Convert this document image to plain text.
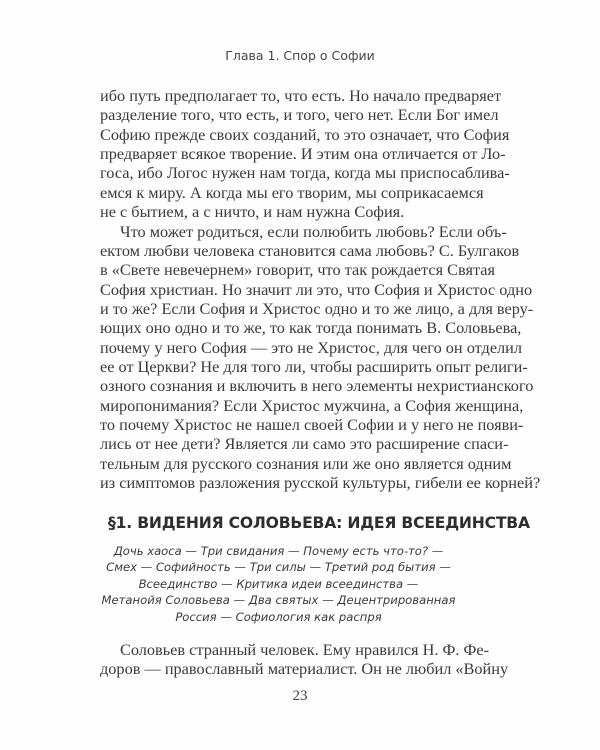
Глава 1. Спор о Софии
ибо путь предполагает то, что есть. Но начало предваряет
разделение того, что есть, и того, чего нет. Если Бог имел
Софию прежде своих созданий, то это означает, что София
предваряет всякое творение. И этим она отличается от Ло-
госа, ибо Логос нужен нам тогда, когда мы приспосаблива-
емся к миру. А когда мы его творим, мы соприкасаемся
не с бытием, а с ничто, и нам нужна София.
Что может родиться, если полюбить любовь? Если объ-
ектом любви человека становится сама любовь? С. Булгаков
в «Свете невечернем» говорит, что так рождается Святая
София христиан. Но значит ли это, что София и Христос одно
и то же? Если София и Христос одно и то же лицо, а для веру-
ющих оно одно и то же, то как тогда понимать В. Соловьева,
почему у него София — это не Христос, для чего он отделил
ее от Церкви? Не для того ли, чтобы расширить опыт религи-
озного сознания и включить в него элементы нехристианского
миропонимания? Если Христос мужчина, а София женщина,
то почему Христос не нашел своей Софии и у него не появи-
лись от нее дети? Является ли само это расширение спаси-
тельным для русского сознания или же оно является одним
из симптомов разложения русской культуры, гибели ее корней?
§1. ВИДЕНИЯ СОЛОВЬЕВА: ИДЕЯ ВСЕЕДИНСТВА
Дочь хаоса — Три свидания — Почему есть что-то? —
Смех — Софийность — Три силы — Третий род бытия —
Всеединство — Критика идеи всеединства —
Метанойя Соловьева — Два святых — Децентрированная
Россия — Софиология как распря
Соловьев странный человек. Ему нравился Н. Ф. Фе-
доров — православный материалист. Он не любил «Войну
23
